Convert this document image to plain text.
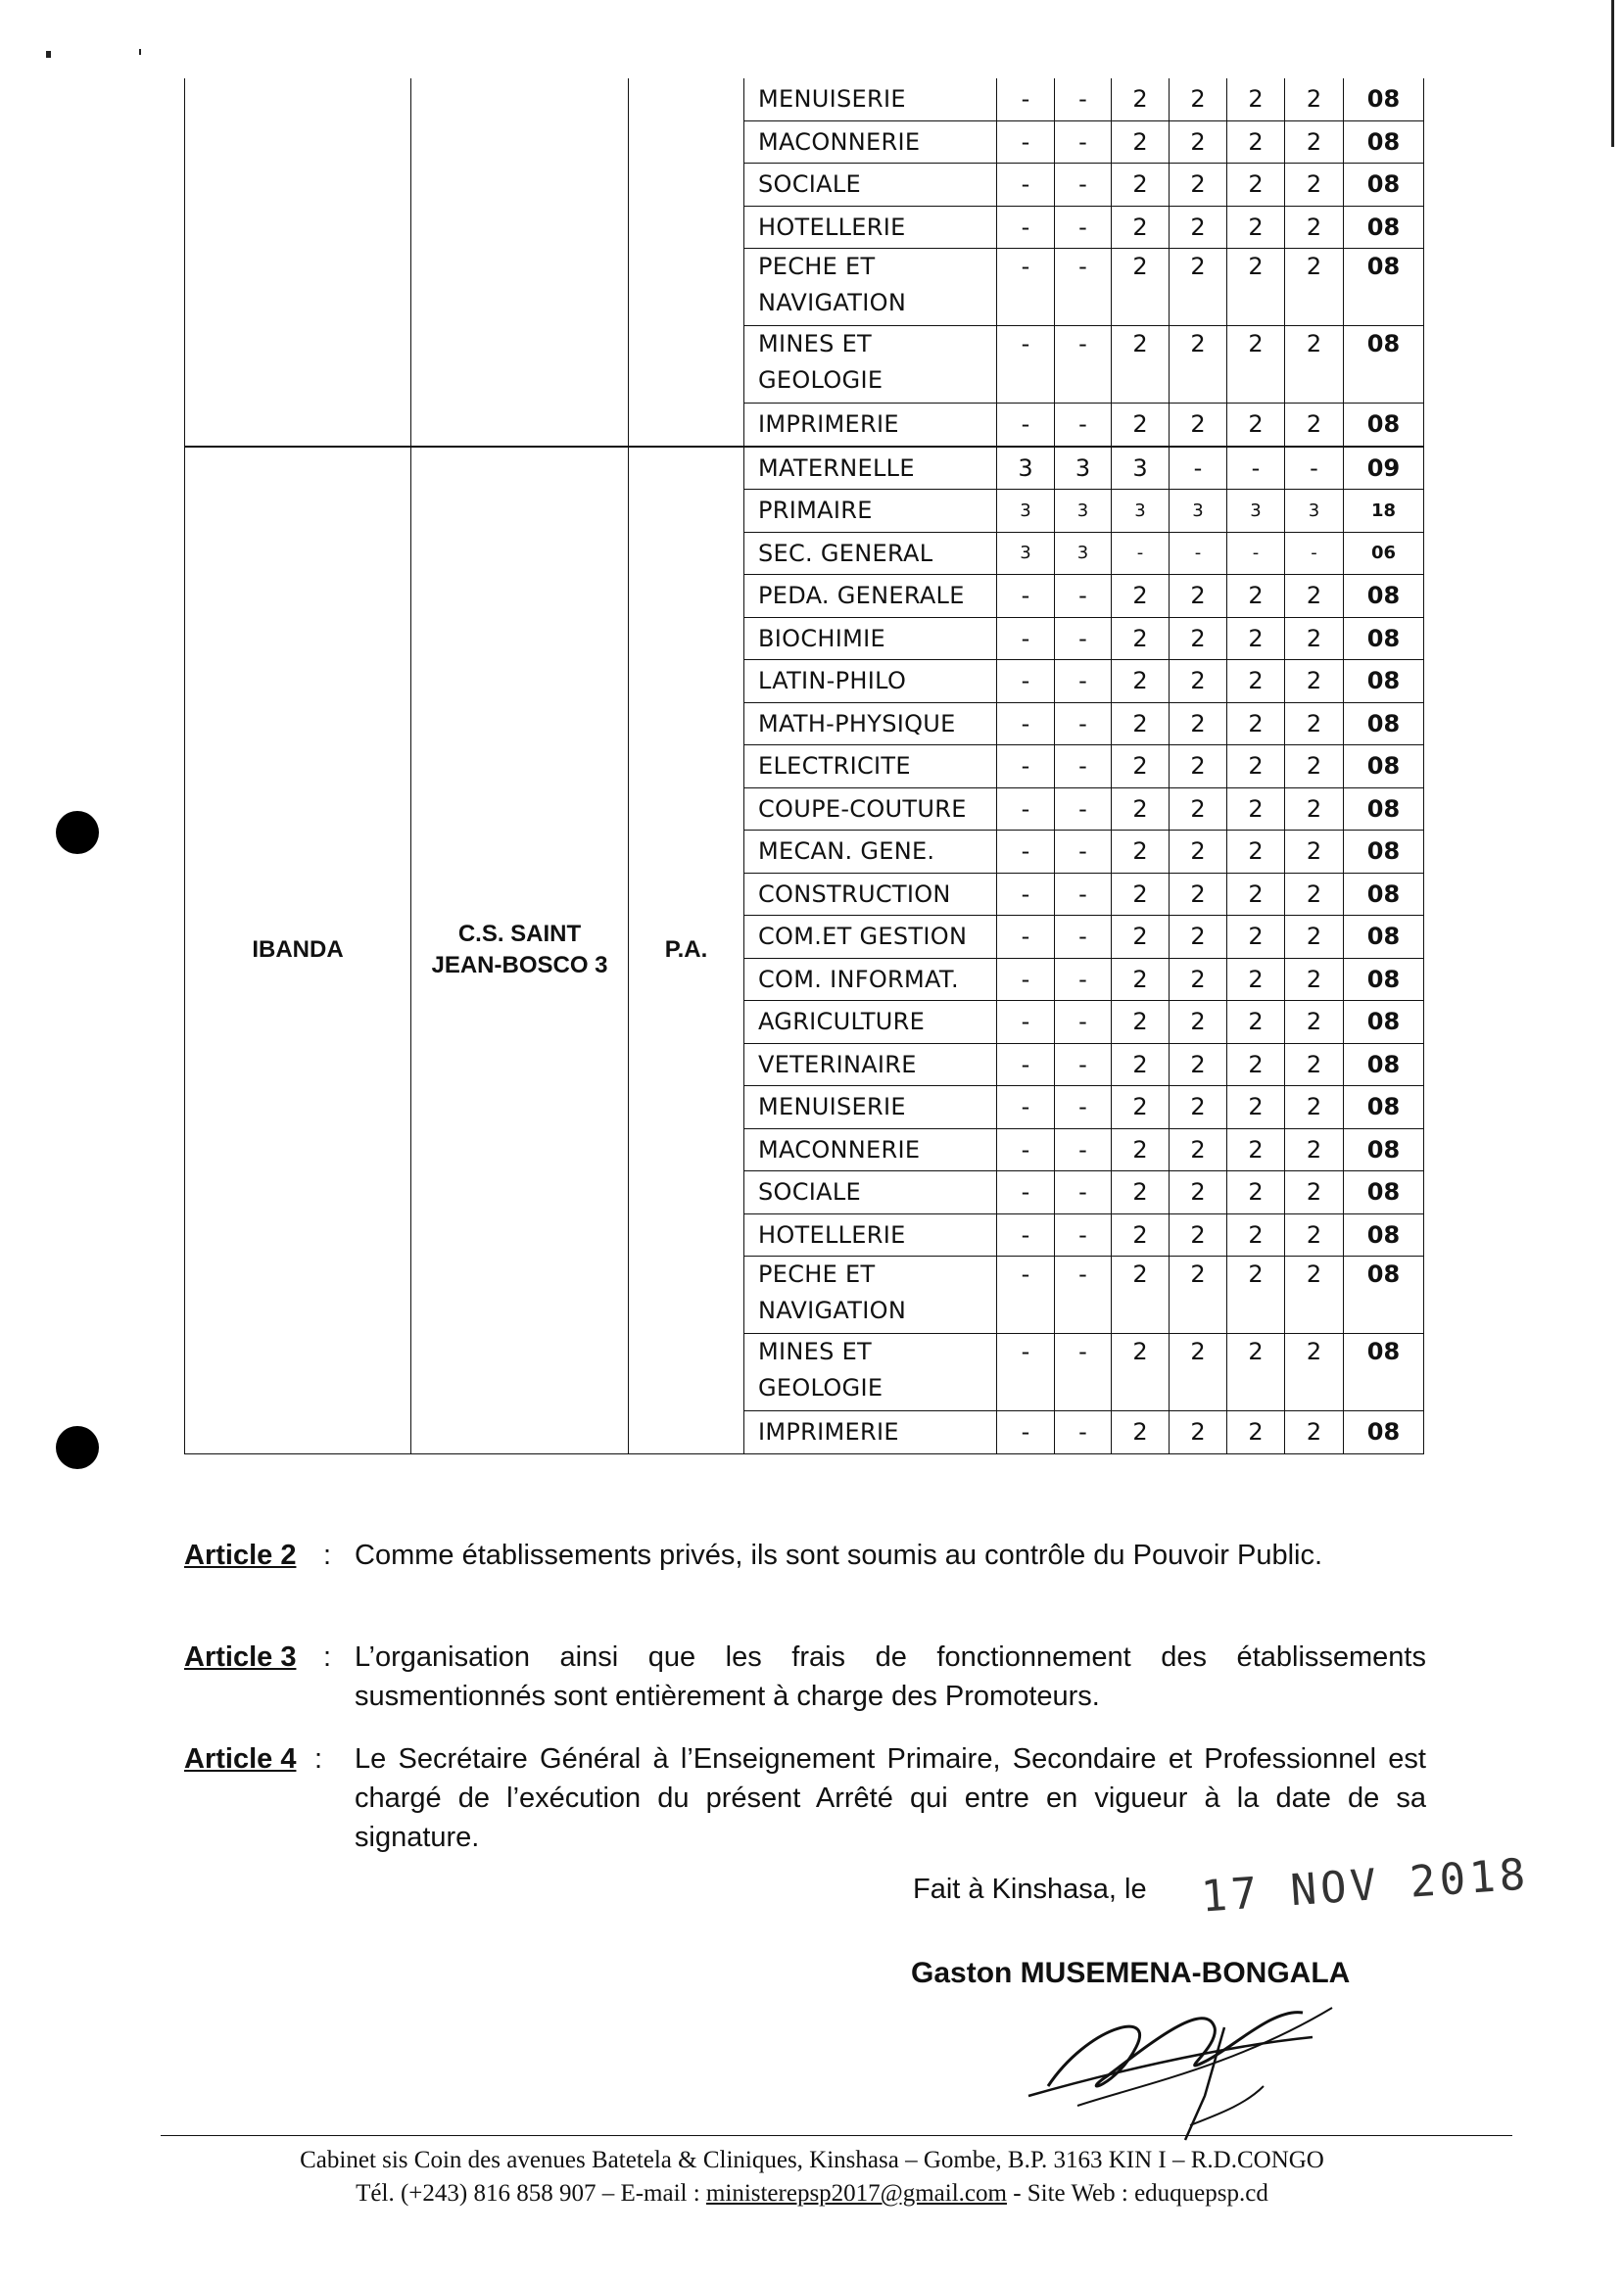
			MENUISERIE	-	-	2	2	2	2	08
			MACONNERIE	-	-	2	2	2	2	08
			SOCIALE	-	-	2	2	2	2	08
			HOTELLERIE	-	-	2	2	2	2	08
			PECHE ET NAVIGATION	-	-	2	2	2	2	08
			MINES ET GEOLOGIE	-	-	2	2	2	2	08
			IMPRIMERIE	-	-	2	2	2	2	08
IBANDA	C.S. SAINT JEAN-BOSCO 3	P.A.	MATERNELLE	3	3	3	-	-	-	09
			PRIMAIRE	3	3	3	3	3	3	18
			SEC. GENERAL	3	3	-	-	-	-	06
			PEDA. GENERALE	-	-	2	2	2	2	08
			BIOCHIMIE	-	-	2	2	2	2	08
			LATIN-PHILO	-	-	2	2	2	2	08
			MATH-PHYSIQUE	-	-	2	2	2	2	08
			ELECTRICITE	-	-	2	2	2	2	08
			COUPE-COUTURE	-	-	2	2	2	2	08
			MECAN. GENE.	-	-	2	2	2	2	08
			CONSTRUCTION	-	-	2	2	2	2	08
			COM.ET GESTION	-	-	2	2	2	2	08
			COM. INFORMAT.	-	-	2	2	2	2	08
			AGRICULTURE	-	-	2	2	2	2	08
			VETERINAIRE	-	-	2	2	2	2	08
			MENUISERIE	-	-	2	2	2	2	08
			MACONNERIE	-	-	2	2	2	2	08
			SOCIALE	-	-	2	2	2	2	08
			HOTELLERIE	-	-	2	2	2	2	08
			PECHE ET NAVIGATION	-	-	2	2	2	2	08
			MINES ET GEOLOGIE	-	-	2	2	2	2	08
			IMPRIMERIE	-	-	2	2	2	2	08
Article 2 : Comme établissements privés, ils sont soumis au contrôle du Pouvoir Public.
Article 3 : L’organisation ainsi que les frais de fonctionnement des établissements susmentionnés sont entièrement à charge des Promoteurs.
Article 4 : Le Secrétaire Général à l’Enseignement Primaire, Secondaire et Professionnel est chargé de l’exécution du présent Arrêté qui entre en vigueur à la date de sa signature.
Fait à Kinshasa, le 17 NOV 2018
Gaston MUSEMENA-BONGALA
Cabinet sis Coin des avenues Batetela & Cliniques, Kinshasa – Gombe, B.P. 3163 KIN I – R.D.CONGO
Tél. (+243) 816 858 907 – E-mail : ministerepsp2017@gmail.com - Site Web : eduquepsp.cd
